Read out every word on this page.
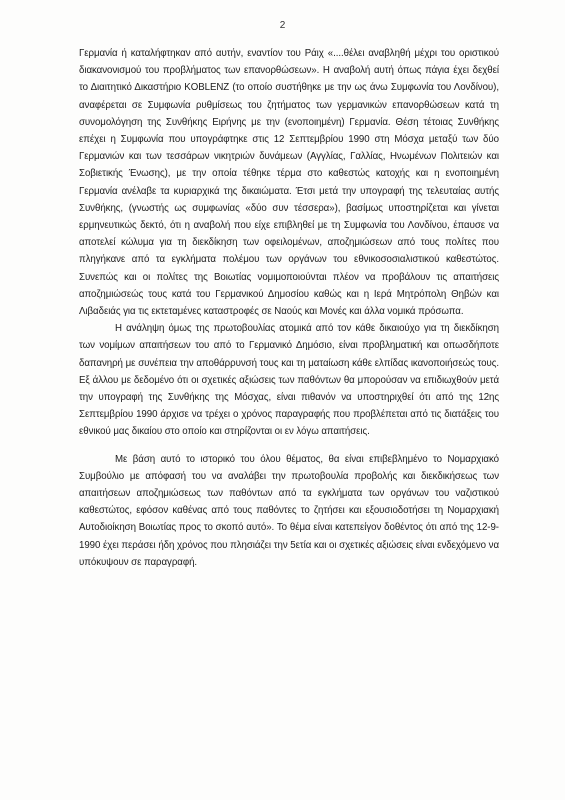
2

Γερμανία ή καταλήφτηκαν από αυτήν, εναντίον του Ράιχ «....θέλει αναβληθή μέχρι του οριστικού διακανονισμού του προβλήματος των επανορθώσεων». Η αναβολή αυτή όπως πάγια έχει δεχθεί το Διαιτητικό Δικαστήριο KOBLENZ (το οποίο συστήθηκε με την ως άνω Συμφωνία του Λονδίνου), αναφέρεται σε Συμφωνία ρυθμίσεως του ζητήματος των γερμανικών επανορθώσεων κατά τη συνομολόγηση της Συνθήκης Ειρήνης με την (ενοποιημένη) Γερμανία. Θέση τέτοιας Συνθήκης επέχει η Συμφωνία που υπογράφτηκε στις 12 Σεπτεμβρίου 1990 στη Μόσχα μεταξύ των δύο Γερμανιών και των τεσσάρων νικητριών δυνάμεων (Αγγλίας, Γαλλίας, Ηνωμένων Πολιτειών και Σοβιετικής Ένωσης), με την οποία τέθηκε τέρμα στο καθεστώς κατοχής και η ενοποιημένη Γερμανία ανέλαβε τα κυριαρχικά της δικαιώματα. Έτσι μετά την υπογραφή της τελευταίας αυτής Συνθήκης, (γνωστής ως συμφωνίας «δύο συν τέσσερα»), βασίμως υποστηρίζεται και γίνεται ερμηνευτικώς δεκτό, ότι η αναβολή που είχε επιβληθεί με τη Συμφωνία του Λονδίνου, έπαυσε να αποτελεί κώλυμα για τη διεκδίκηση των οφειλομένων, αποζημιώσεων από τους πολίτες που πληγήκανε από τα εγκλήματα πολέμου των οργάνων του εθνικοσοσιαλιστικού καθεστώτος. Συνεπώς και οι πολίτες της Βοιωτίας νομιμοποιούνται πλέον να προβάλουν τις απαιτήσεις αποζημιώσεώς τους κατά του Γερμανικού Δημοσίου καθώς και η Ιερά Μητρόπολη Θηβών και Λιβαδειάς για τις εκτεταμένες καταστροφές σε Ναούς και Μονές και άλλα νομικά πρόσωπα.

Η ανάληψη όμως της πρωτοβουλίας ατομικά από τον κάθε δικαιούχο για τη διεκδίκηση των νομίμων απαιτήσεων του από το Γερμανικό Δημόσιο, είναι προβληματική και οπωσδήποτε δαπανηρή με συνέπεια την αποθάρρυνσή τους και τη ματαίωση κάθε ελπίδας ικανοποιήσεώς τους. Εξ άλλου με δεδομένο ότι οι σχετικές αξιώσεις των παθόντων θα μπορούσαν να επιδιωχθούν μετά την υπογραφή της Συνθήκης της Μόσχας, είναι πιθανόν να υποστηριχθεί ότι από της 12ης Σεπτεμβρίου 1990 άρχισε να τρέχει ο χρόνος παραγραφής που προβλέπεται από τις διατάξεις του εθνικού μας δικαίου στο οποίο και στηρίζονται οι εν λόγω απαιτήσεις.

Με βάση αυτό το ιστορικό του όλου θέματος, θα είναι επιβεβλημένο το Νομαρχιακό Συμβούλιο με απόφασή του να αναλάβει την πρωτοβουλία προβολής και διεκδικήσεως των απαιτήσεων αποζημιώσεως των παθόντων από τα εγκλήματα των οργάνων του ναζιστικού καθεστώτος, εφόσον καθένας από τους παθόντες το ζητήσει και εξουσιοδοτήσει τη Νομαρχιακή Αυτοδιοίκηση Βοιωτίας προς το σκοπό αυτό». Το θέμα είναι κατεπείγον δοθέντος ότι από της 12-9-1990 έχει περάσει ήδη χρόνος που πλησιάζει την 5ετία και οι σχετικές αξιώσεις είναι ενδεχόμενο να υπόκυψουν σε παραγραφή.
